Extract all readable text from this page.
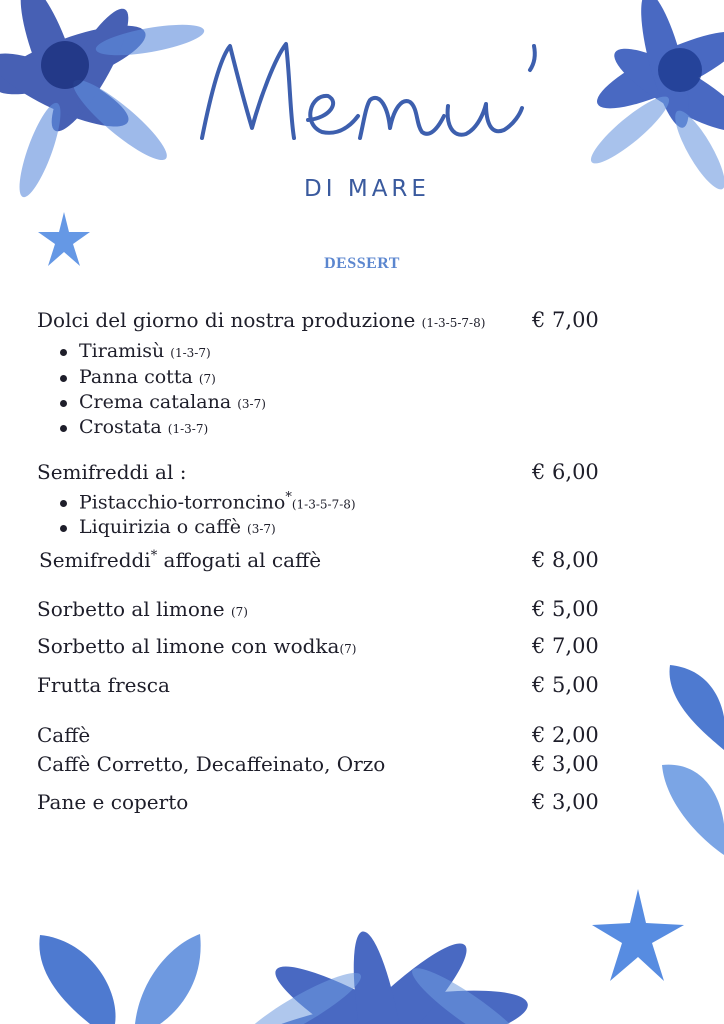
DI MARE
DESSERT
Dolci del giorno di nostra produzione (1-3-5-7-8) € 7,00
Tiramisù (1-3-7)
Panna cotta (7)
Crema catalana (3-7)
Crostata (1-3-7)
Semifreddi al :	€ 6,00
Pistacchio-torroncino*(1-3-5-7-8)
Liquirizia o caffè (3-7)
Semifreddi* affogati al caffè	€ 8,00
Sorbetto al limone (7)	€ 5,00
Sorbetto al limone con wodka(7)	€ 7,00
Frutta fresca	€ 5,00
Caffè	€ 2,00
Caffè Corretto, Decaffeinato, Orzo	€ 3,00
Pane e coperto	€ 3,00
